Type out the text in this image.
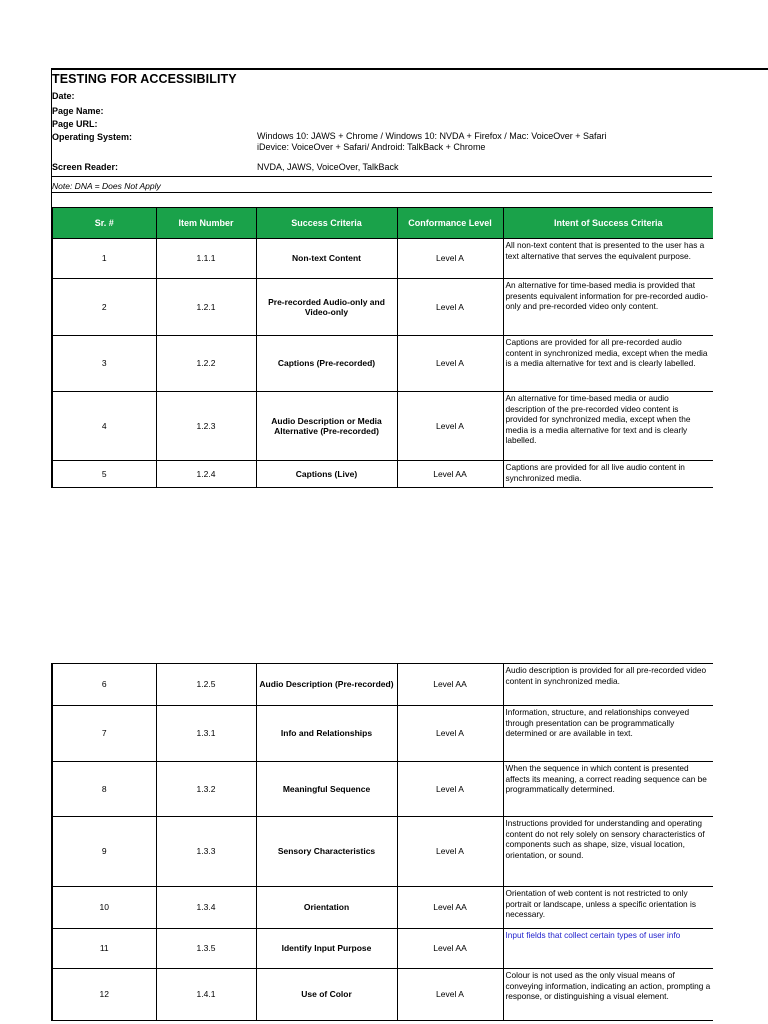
TESTING FOR ACCESSIBILITY
Date:
Page Name:
Page URL:
Operating System:	Windows 10: JAWS + Chrome / Windows 10: NVDA + Firefox / Mac: VoiceOver + Safari
iDevice: VoiceOver + Safari/ Android: TalkBack + Chrome
Screen Reader:	NVDA, JAWS, VoiceOver, TalkBack
Note: DNA = Does Not Apply
Sr. #	Item Number	Success Criteria	Conformance Level	Intent of Success Criteria
1	1.1.1	Non-text Content	Level A	All non-text content that is presented to the user has a text alternative that serves the equivalent purpose.
2	1.2.1	Pre-recorded Audio-only and Video-only	Level A	An alternative for time-based media is provided that presents equivalent information for pre-recorded audio-only and pre-recorded video only content.
3	1.2.2	Captions (Pre-recorded)	Level A	Captions are provided for all pre-recorded audio content in synchronized media, except when the media is a media alternative for text and is clearly labelled.
4	1.2.3	Audio Description or Media Alternative (Pre-recorded)	Level A	An alternative for time-based media or audio description of the pre-recorded video content is provided for synchronized media, except when the media is a media alternative for text and is clearly labelled.
5	1.2.4	Captions (Live)	Level AA	Captions are provided for all live audio content in synchronized media.
6	1.2.5	Audio Description (Pre-recorded)	Level AA	Audio description is provided for all pre-recorded video content in synchronized media.
7	1.3.1	Info and Relationships	Level A	Information, structure, and relationships conveyed through presentation can be programmatically determined or are available in text.
8	1.3.2	Meaningful Sequence	Level A	When the sequence in which content is presented affects its meaning, a correct reading sequence can be programmatically determined.
9	1.3.3	Sensory Characteristics	Level A	Instructions provided for understanding and operating content do not rely solely on sensory characteristics of components such as shape, size, visual location, orientation, or sound.
10	1.3.4	Orientation	Level AA	Orientation of web content is not restricted to only portrait or landscape, unless a specific orientation is necessary.
11	1.3.5	Identify Input Purpose	Level AA	Input fields that collect certain types of user info
12	1.4.1	Use of Color	Level A	Colour is not used as the only visual means of conveying information, indicating an action, prompting a response, or distinguishing a visual element.
